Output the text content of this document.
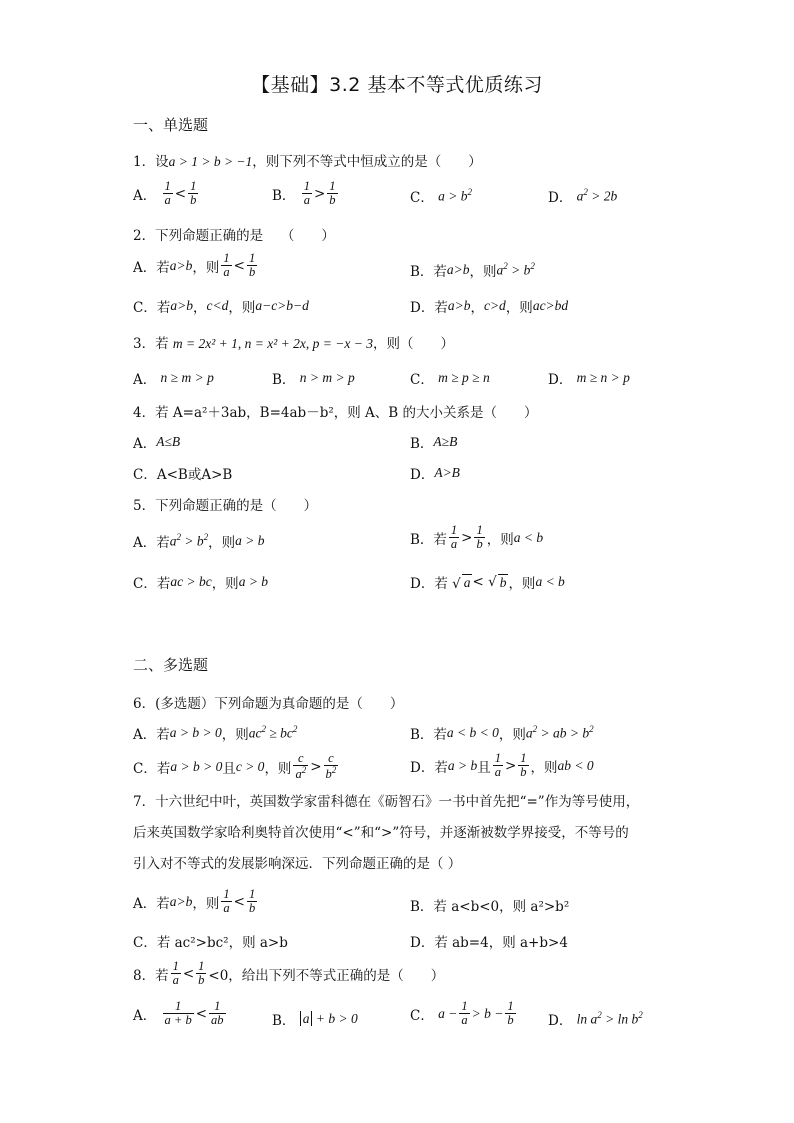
【基础】3.2 基本不等式优质练习
一、单选题
1．设a > 1 > b > −1，则下列不等式中恒成立的是（　　）
A．
$\frac{1}{a} < \frac{1}{b}$	B．
$\frac{1}{a} > \frac{1}{b}$	C．
$a > b^2$	D．
$a^2 > 2b$
2．下列命题正确的是　 （　　）
A．若 a>b ，则 $\frac{1}{a} < \frac{1}{b}$	B．若 a>b ，则 $a^2 > b^2$
C．若 a>b ， c<d ，则 a−c>b−d	D．若 a>b ， c>d ，则 ac>bd
3．若 m = 2x² + 1, n = x² + 2x, p = −x − 3，则（　　）
A． n ≥ m > p	B． n > m > p	C． m ≥ p ≥ n	D． m ≥ n > p
4．若 A=a²＋3ab，B=4ab－b²，则 A、B 的大小关系是（　　）
A． A≤B	B． A≥B
C． A<B或A>B	D． A>B
5．下列命题正确的是（　　）
A．若 $a^2 > b^2$ ，则 a > b	B．若 $\frac{1}{a} > \frac{1}{b}$ ，则 a < b
C．若 ac > bc ，则 a > b	D．若 √ a < √ b ，则 a < b
二、多选题
6．(多选题）下列命题为真命题的是（　　）
A．若 a > b > 0 ，则 $ac^2 \ge bc^2$	B．若 a < b < 0 ，则 $a^2$ > ab > $b^2$
C．若 a > b > 0 且 c > 0 ，则 $\frac{c}{a^2} > \frac{c}{b^2}$	D．若 a > b 且 $\frac{1}{a} > \frac{1}{b}$ ，则 ab < 0
7．十六世纪中叶，英国数学家雷科德在《砺智石》一书中首先把“=”作为等号使用，
后来英国数学家哈利奥特首次使用“<”和“>”符号，并逐渐被数学界接受，不等号的
引入对不等式的发展影响深远．下列命题正确的是（ ）
A．若 a>b ，则 $\frac{1}{a} < \frac{1}{b}$	B． 若 a<b<0，则 a²>b²
C． 若 ac²>bc²，则 a>b	D． 若 ab=4，则 a+b>4
8．若 $\frac{1}{a} < \frac{1}{b} <0$，给出下列不等式正确的是（　　）
A． $\frac{1}{a + b} < \frac{1}{ab}$	B． a + b > 0	C． $a - \frac{1}{a} > b - \frac{1}{b}$ D． $\ln a^2 > \ln b^2$
